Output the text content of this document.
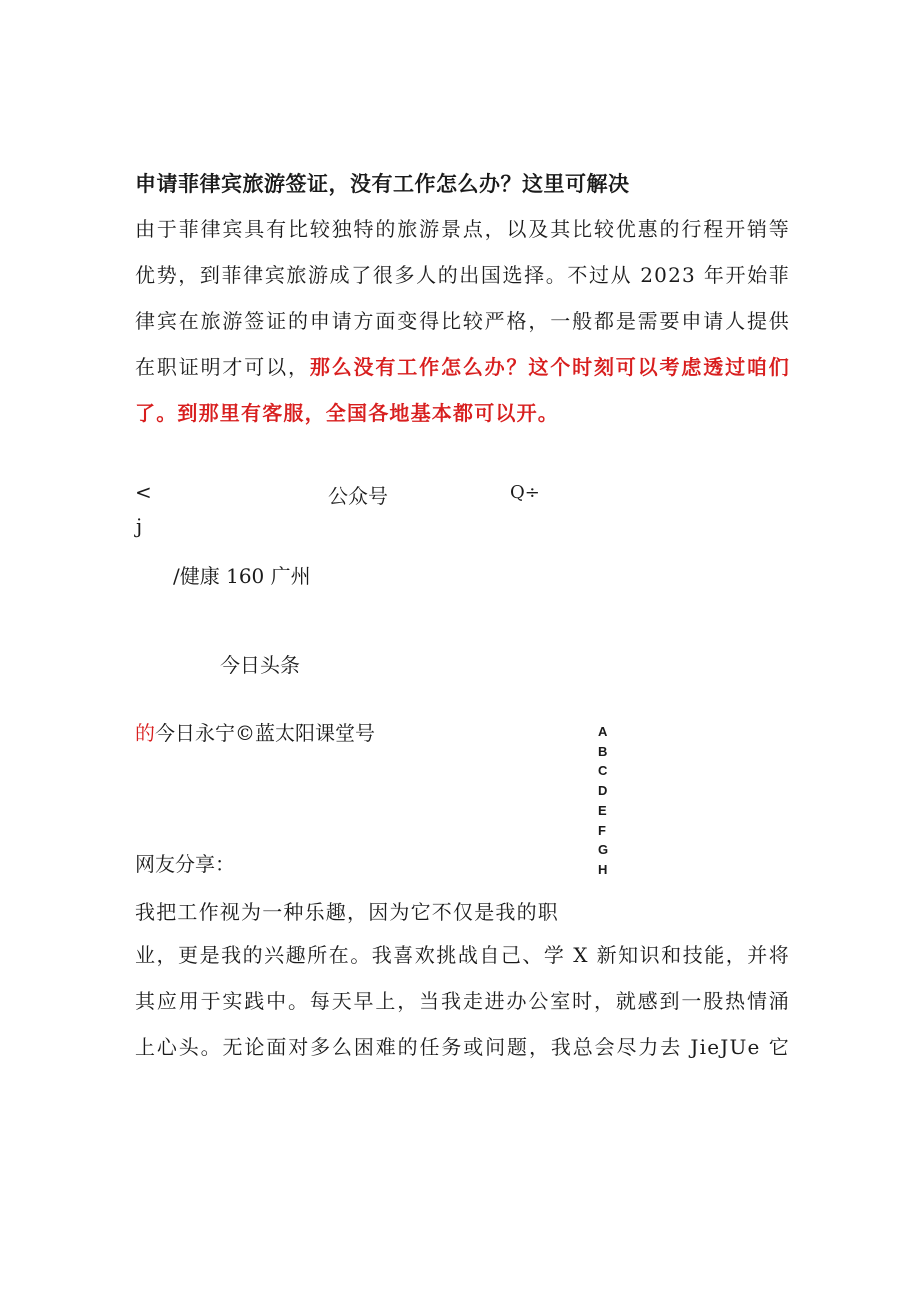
申请菲律宾旅游签证，没有工作怎么办？这里可解决
由于菲律宾具有比较独特的旅游景点，以及其比较优惠的行程开销等
优势，到菲律宾旅游成了很多人的出国选择。不过从 2023 年开始菲
律宾在旅游签证的申请方面变得比较严格，一般都是需要申请人提供
在职证明才可以，那么没有工作怎么办？这个时刻可以考虑透过咱们
了。到那里有客服，全国各地基本都可以开。
<	公众号	Q÷
j
/健康 160 广州
今日头条
的今日永宁©蓝太阳课堂号	A
B
C
D
E
F
G
H
网友分享：
我把工作视为一种乐趣，因为它不仅是我的职
业，更是我的兴趣所在。我喜欢挑战自己、学 X 新知识和技能，并将
其应用于实践中。每天早上，当我走进办公室时，就感到一股热情涌
上心头。无论面对多么困难的任务或问题，我总会尽力去 JieJUe 它
